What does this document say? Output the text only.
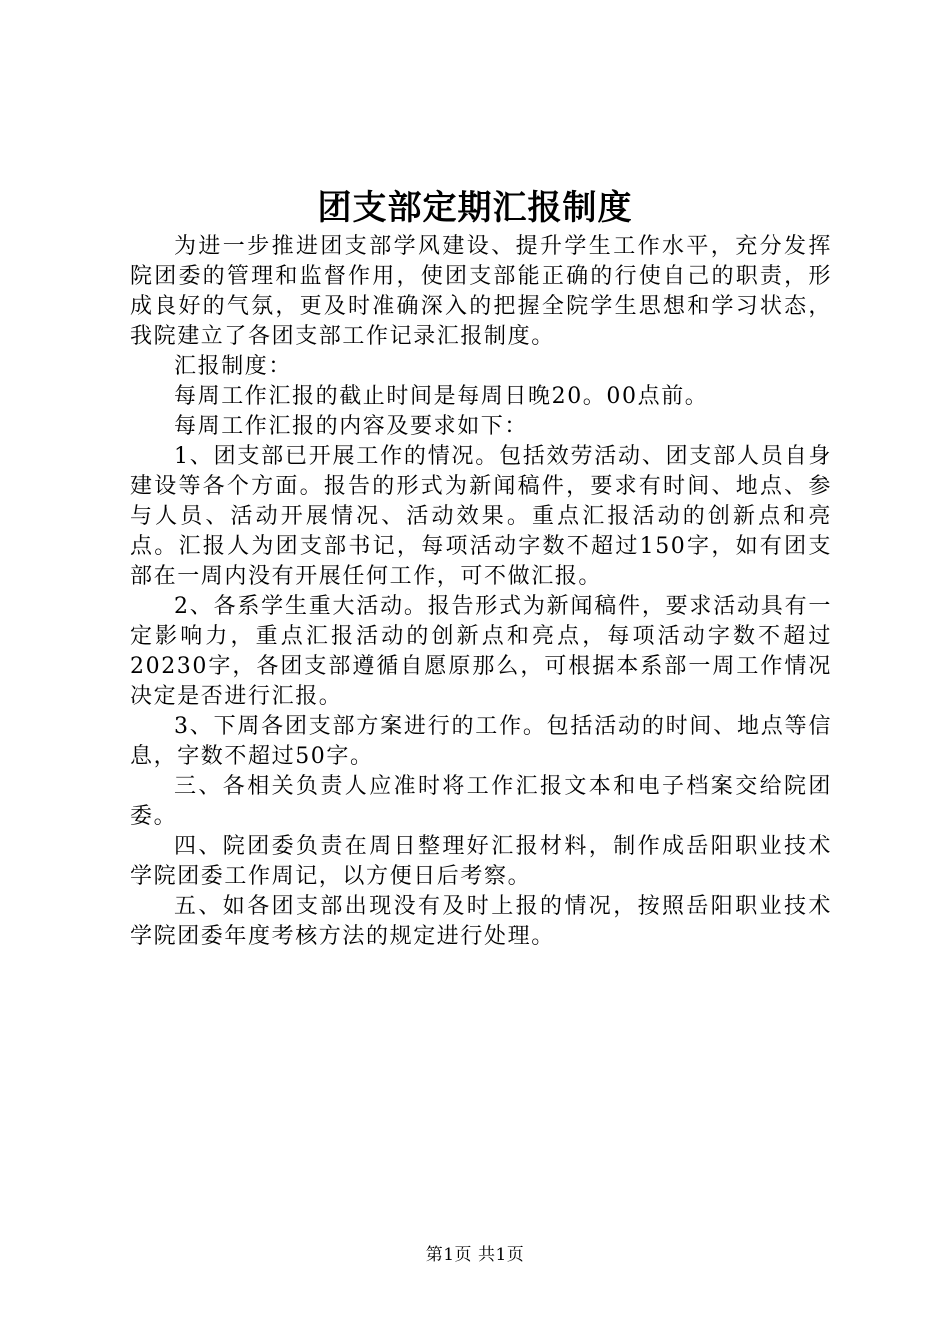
团支部定期汇报制度

为进一步推进团支部学风建设、提升学生工作水平，充分发挥院团委的管理和监督作用，使团支部能正确的行使自己的职责，形成良好的气氛，更及时准确深入的把握全院学生思想和学习状态，我院建立了各团支部工作记录汇报制度。

汇报制度：

每周工作汇报的截止时间是每周日晚20。00点前。

每周工作汇报的内容及要求如下：

1、团支部已开展工作的情况。包括效劳活动、团支部人员自身建设等各个方面。报告的形式为新闻稿件，要求有时间、地点、参与人员、活动开展情况、活动效果。重点汇报活动的创新点和亮点。汇报人为团支部书记，每项活动字数不超过150字，如有团支部在一周内没有开展任何工作，可不做汇报。

2、各系学生重大活动。报告形式为新闻稿件，要求活动具有一定影响力，重点汇报活动的创新点和亮点，每项活动字数不超过20230字，各团支部遵循自愿原那么，可根据本系部一周工作情况决定是否进行汇报。

3、下周各团支部方案进行的工作。包括活动的时间、地点等信息，字数不超过50字。

三、各相关负责人应准时将工作汇报文本和电子档案交给院团委。

四、院团委负责在周日整理好汇报材料，制作成岳阳职业技术学院团委工作周记，以方便日后考察。

五、如各团支部出现没有及时上报的情况，按照岳阳职业技术学院团委年度考核方法的规定进行处理。

第1页 共1页
